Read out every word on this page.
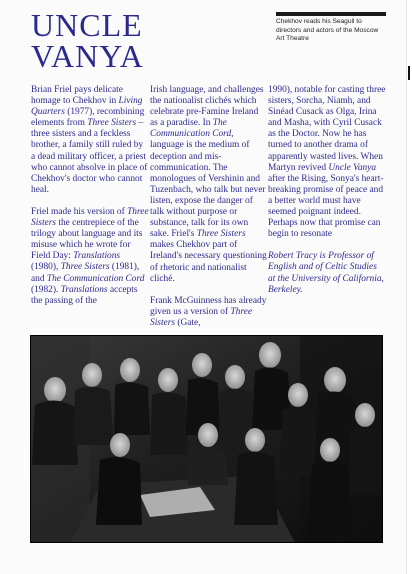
UNCLE
VANYA
Chekhov reads his Seagull to directors and actors of the Moscow Art Theatre

Brian Friel pays delicate homage to Chekhov in Living Quarters (1977), recombining elements from Three Sisters – three sisters and a feckless brother, a family still ruled by a dead military officer, a priest who cannot absolve in place of Chekhov's doctor who cannot heal.

Friel made his version of Three Sisters the centrepiece of the trilogy about language and its misuse which he wrote for Field Day: Translations (1980), Three Sisters (1981), and The Communication Cord (1982). Translations accepts the passing of the

Irish language, and challenges the nationalist clichés which celebrate pre-Famine Ireland as a paradise. In The Communication Cord, language is the medium of deception and mis-communication. The monologues of Vershinin and Tuzenbach, who talk but never listen, expose the danger of talk without purpose or substance, talk for its own sake. Friel's Three Sisters makes Chekhov part of Ireland's necessary questioning of rhetoric and nationalist cliché.

Frank McGuinness has already given us a version of Three Sisters (Gate,

1990), notable for casting three sisters, Sorcha, Niamh, and Sinéad Cusack as Olga, Irina and Masha, with Cyril Cusack as the Doctor. Now he has turned to another drama of apparently wasted lives. When Martyn revived Uncle Vanya after the Rising, Sonya's heart-breaking promise of peace and a better world must have seemed poignant indeed. Perhaps now that promise can begin to resonate

Robert Tracy is Professor of English and of Celtic Studies at the University of California, Berkeley.
